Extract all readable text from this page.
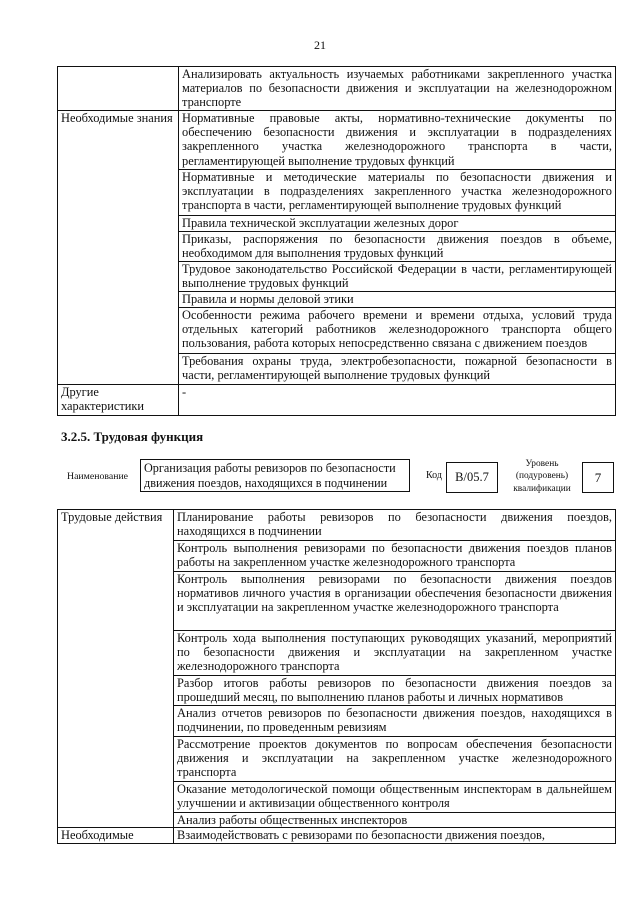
21

	Анализировать актуальность изучаемых работниками закрепленного участка материалов по безопасности движения и эксплуатации на железнодорожном транспорте

Необходимые знания	Нормативные правовые акты, нормативно-технические документы по обеспечению безопасности движения и эксплуатации в подразделениях закрепленного участка железнодорожного транспорта в части, регламентирующей выполнение трудовых функций

	Нормативные и методические материалы по безопасности движения и эксплуатации в подразделениях закрепленного участка железнодорожного транспорта в части, регламентирующей выполнение трудовых функций

	Правила технической эксплуатации железных дорог

	Приказы, распоряжения по безопасности движения поездов в объеме, необходимом для выполнения трудовых функций

	Трудовое законодательство Российской Федерации в части, регламентирующей выполнение трудовых функций

	Правила и нормы деловой этики

	Особенности режима рабочего времени и времени отдыха, условий труда отдельных категорий работников железнодорожного транспорта общего пользования, работа которых непосредственно связана с движением поездов

	Требования охраны труда, электробезопасности, пожарной безопасности в части, регламентирующей выполнение трудовых функций

Другие характеристики	-
3.2.5. Трудовая функция
Наименование
Организация работы ревизоров по безопасности движения поездов, находящихся в подчинении
Код	B/05.7
Уровень
(подуровень)
квалификации
7
Трудовые действия	Планирование работы ревизоров по безопасности движения поездов, находящихся в подчинении

	Контроль выполнения ревизорами по безопасности движения поездов планов работы на закрепленном участке железнодорожного транспорта

	Контроль выполнения ревизорами по безопасности движения поездов нормативов личного участия в организации обеспечения безопасности движения и эксплуатации на закрепленном участке железнодорожного транспорта

	Контроль хода выполнения поступающих руководящих указаний, мероприятий по безопасности движения и эксплуатации на закрепленном участке железнодорожного транспорта

	Разбор итогов работы ревизоров по безопасности движения поездов за прошедший месяц, по выполнению планов работы и личных нормативов

	Анализ отчетов ревизоров по безопасности движения поездов, находящихся в подчинении, по проведенным ревизиям

	Рассмотрение проектов документов по вопросам обеспечения безопасности движения и эксплуатации на закрепленном участке железнодорожного транспорта

	Оказание методологической помощи общественным инспекторам в дальнейшем улучшении и активизации общественного контроля

	Анализ работы общественных инспекторов

Необходимые	Взаимодействовать с ревизорами по безопасности движения поездов,
